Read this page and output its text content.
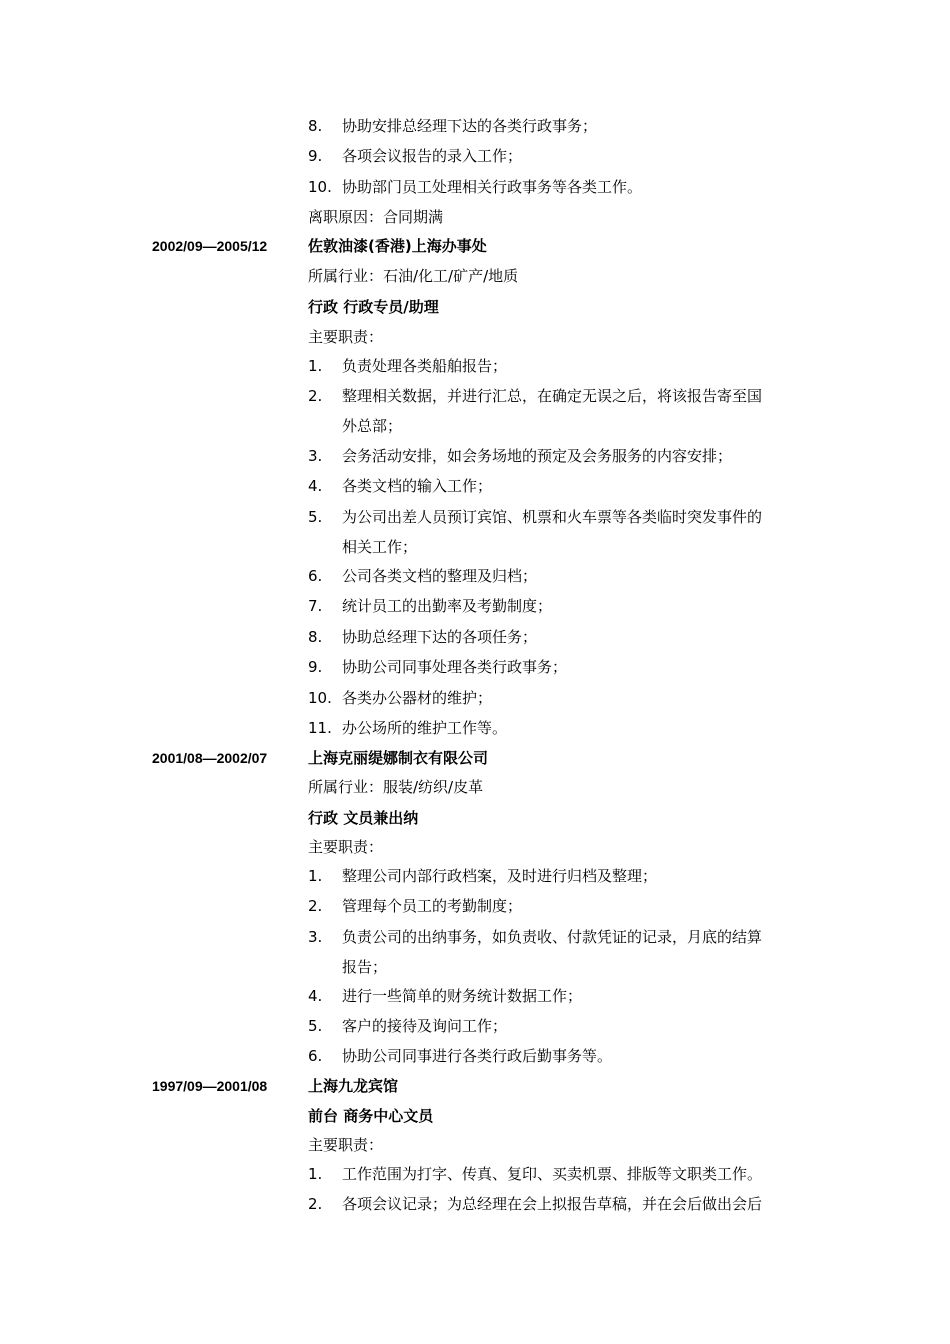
8. 协助安排总经理下达的各类行政事务；
9. 各项会议报告的录入工作；
10. 协助部门员工处理相关行政事务等各类工作。
离职原因：合同期满
2002/09—2005/12	佐敦油漆(香港)上海办事处
所属行业：石油/化工/矿产/地质
行政 行政专员/助理
主要职责：
1. 负责处理各类船舶报告；
2. 整理相关数据，并进行汇总，在确定无误之后，将该报告寄至国
外总部；
3. 会务活动安排，如会务场地的预定及会务服务的内容安排；
4. 各类文档的输入工作；
5. 为公司出差人员预订宾馆、机票和火车票等各类临时突发事件的
相关工作；
6. 公司各类文档的整理及归档；
7. 统计员工的出勤率及考勤制度；
8. 协助总经理下达的各项任务；
9. 协助公司同事处理各类行政事务；
10. 各类办公器材的维护；
11. 办公场所的维护工作等。
2001/08—2002/07	上海克丽缇娜制衣有限公司
所属行业：服装/纺织/皮革
行政 文员兼出纳
主要职责：
1. 整理公司内部行政档案，及时进行归档及整理；
2. 管理每个员工的考勤制度；
3. 负责公司的出纳事务，如负责收、付款凭证的记录，月底的结算
报告；
4. 进行一些简单的财务统计数据工作；
5. 客户的接待及询问工作；
6. 协助公司同事进行各类行政后勤事务等。
1997/09—2001/08	上海九龙宾馆
前台 商务中心文员
主要职责：
1. 工作范围为打字、传真、复印、买卖机票、排版等文职类工作。
2. 各项会议记录；为总经理在会上拟报告草稿，并在会后做出会后
